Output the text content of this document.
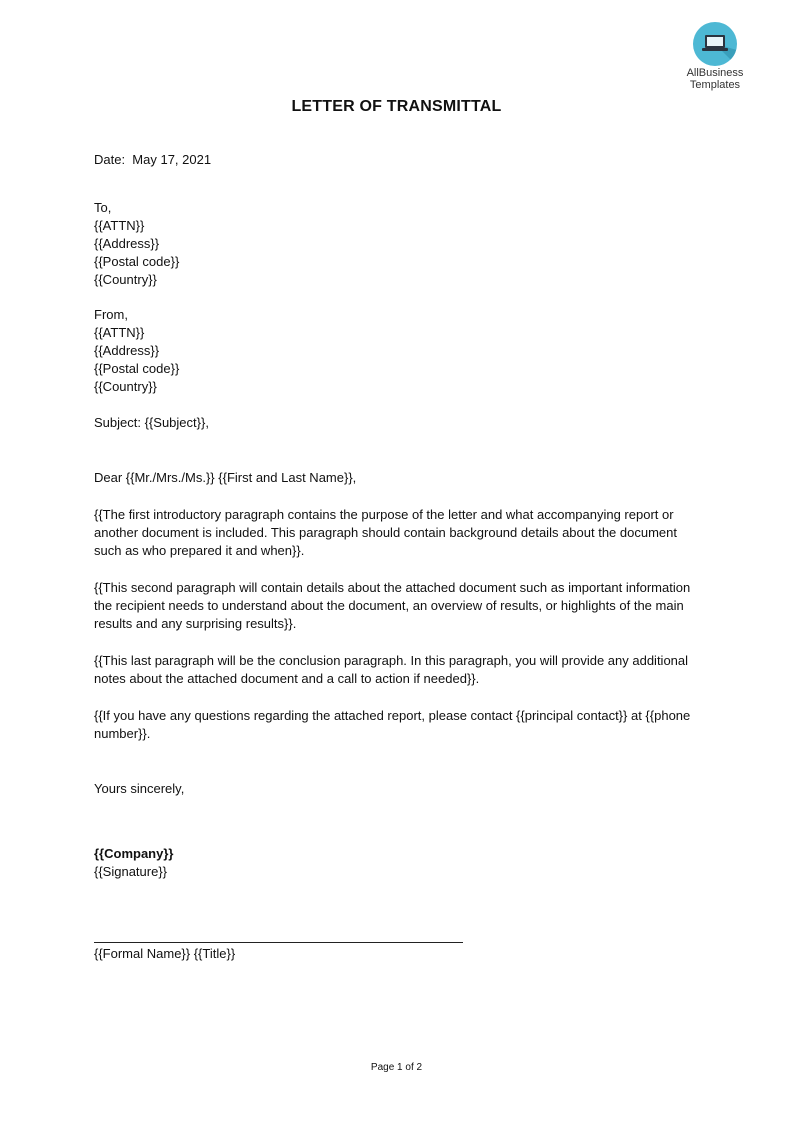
AllBusiness
Templates
LETTER OF TRANSMITTAL
Date:  May 17, 2021
To,
{{ATTN}}
{{Address}}
{{Postal code}}
{{Country}}
From,
{{ATTN}}
{{Address}}
{{Postal code}}
{{Country}}
Subject: {{Subject}},
Dear {{Mr./Mrs./Ms.}} {{First and Last Name}},
{{The first introductory paragraph contains the purpose of the letter and what accompanying report or another document is included. This paragraph should contain background details about the document such as who prepared it and when}}.
{{This second paragraph will contain details about the attached document such as important information the recipient needs to understand about the document, an overview of results, or highlights of the main results and any surprising results}}.
{{This last paragraph will be the conclusion paragraph. In this paragraph, you will provide any additional notes about the attached document and a call to action if needed}}.
{{If you have any questions regarding the attached report, please contact {{principal contact}} at {{phone number}}.
Yours sincerely,
{{Company}}
{{Signature}}
{{Formal Name}} {{Title}}
Page 1 of 2
